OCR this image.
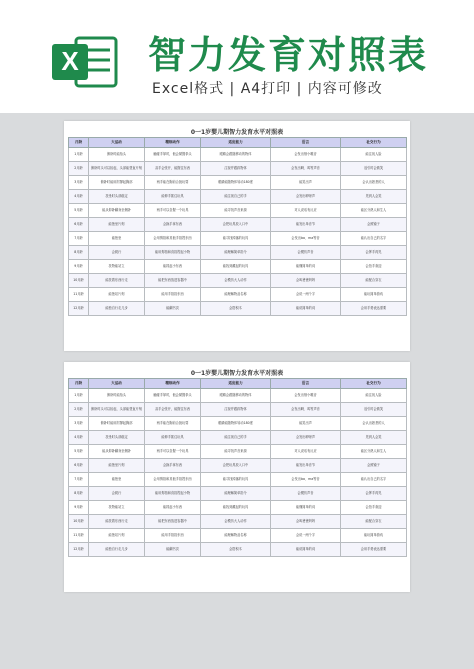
X 智力发育对照表
Excel格式 | A4打印 | 内容可修改
0一1岁婴儿期智力发育水平对照表
月龄	大运动	精细动作	适应能力	语言	社交行为
1月龄	俯卧时能抬头	触碰手掌时，他会紧握拳头	眼睛会跟随移动的物体	会发出细小喉音	能注视人脸
2月龄	俯卧时头可以抬起，头部能竖直片刻	双手会张开，能握住东西	注视并跟踪物体	会发出啊、呜等声音	逗引时会微笑
3月龄	俯卧时能用肘撑起胸部	两手能在胸前合拢玩耍	眼睛能随物体转动180度	能笑出声	会认出熟悉的人
4月龄	扶坐时头部稳定	能伸手抓住玩具	能注视自己的手	会发出咿呀声	见到人会笑
5月龄	能从仰卧翻身至侧卧	两手可以各握一个玩具	能寻找声音来源	对人说话有反应	能区分熟人和生人
6月龄	能独坐片刻	会换手拿东西	会把玩具放入口中	能发出单音节	会照镜子
7月龄	能独坐	会用拇指和其他手指捏东西	能寻找掉落的玩具	会发出ba、ma等音	能认出自己的名字
8月龄	会爬行	能用拇指和食指捏起小物	能理解简单指令	会模仿声音	会挥手再见
9月龄	扶物能站立	能抓起小东西	能找到藏起的玩具	能懂简单的词	会拍手欢迎
10月龄	能扶着东西行走	能把东西放进容器中	会模仿大人动作	会叫爸爸妈妈	能配合穿衣
11月龄	能独站片刻	能用手指指东西	能理解物品名称	会说一两个字	能玩简单游戏
12月龄	能独自行走几步	能翻书页	会搭积木	能说简单的词	会用手势表达需要
0一1岁婴儿期智力发育水平对照表
月龄	大运动	精细动作	适应能力	语言	社交行为
1月龄	俯卧时能抬头	触碰手掌时，他会紧握拳头	眼睛会跟随移动的物体	会发出细小喉音	能注视人脸
2月龄	俯卧时头可以抬起，头部能竖直片刻	双手会张开，能握住东西	注视并跟踪物体	会发出啊、呜等声音	逗引时会微笑
3月龄	俯卧时能用肘撑起胸部	两手能在胸前合拢玩耍	眼睛能随物体转动180度	能笑出声	会认出熟悉的人
4月龄	扶坐时头部稳定	能伸手抓住玩具	能注视自己的手	会发出咿呀声	见到人会笑
5月龄	能从仰卧翻身至侧卧	两手可以各握一个玩具	能寻找声音来源	对人说话有反应	能区分熟人和生人
6月龄	能独坐片刻	会换手拿东西	会把玩具放入口中	能发出单音节	会照镜子
7月龄	能独坐	会用拇指和其他手指捏东西	能寻找掉落的玩具	会发出ba、ma等音	能认出自己的名字
8月龄	会爬行	能用拇指和食指捏起小物	能理解简单指令	会模仿声音	会挥手再见
9月龄	扶物能站立	能抓起小东西	能找到藏起的玩具	能懂简单的词	会拍手欢迎
10月龄	能扶着东西行走	能把东西放进容器中	会模仿大人动作	会叫爸爸妈妈	能配合穿衣
11月龄	能独站片刻	能用手指指东西	能理解物品名称	会说一两个字	能玩简单游戏
12月龄	能独自行走几步	能翻书页	会搭积木	能说简单的词	会用手势表达需要
